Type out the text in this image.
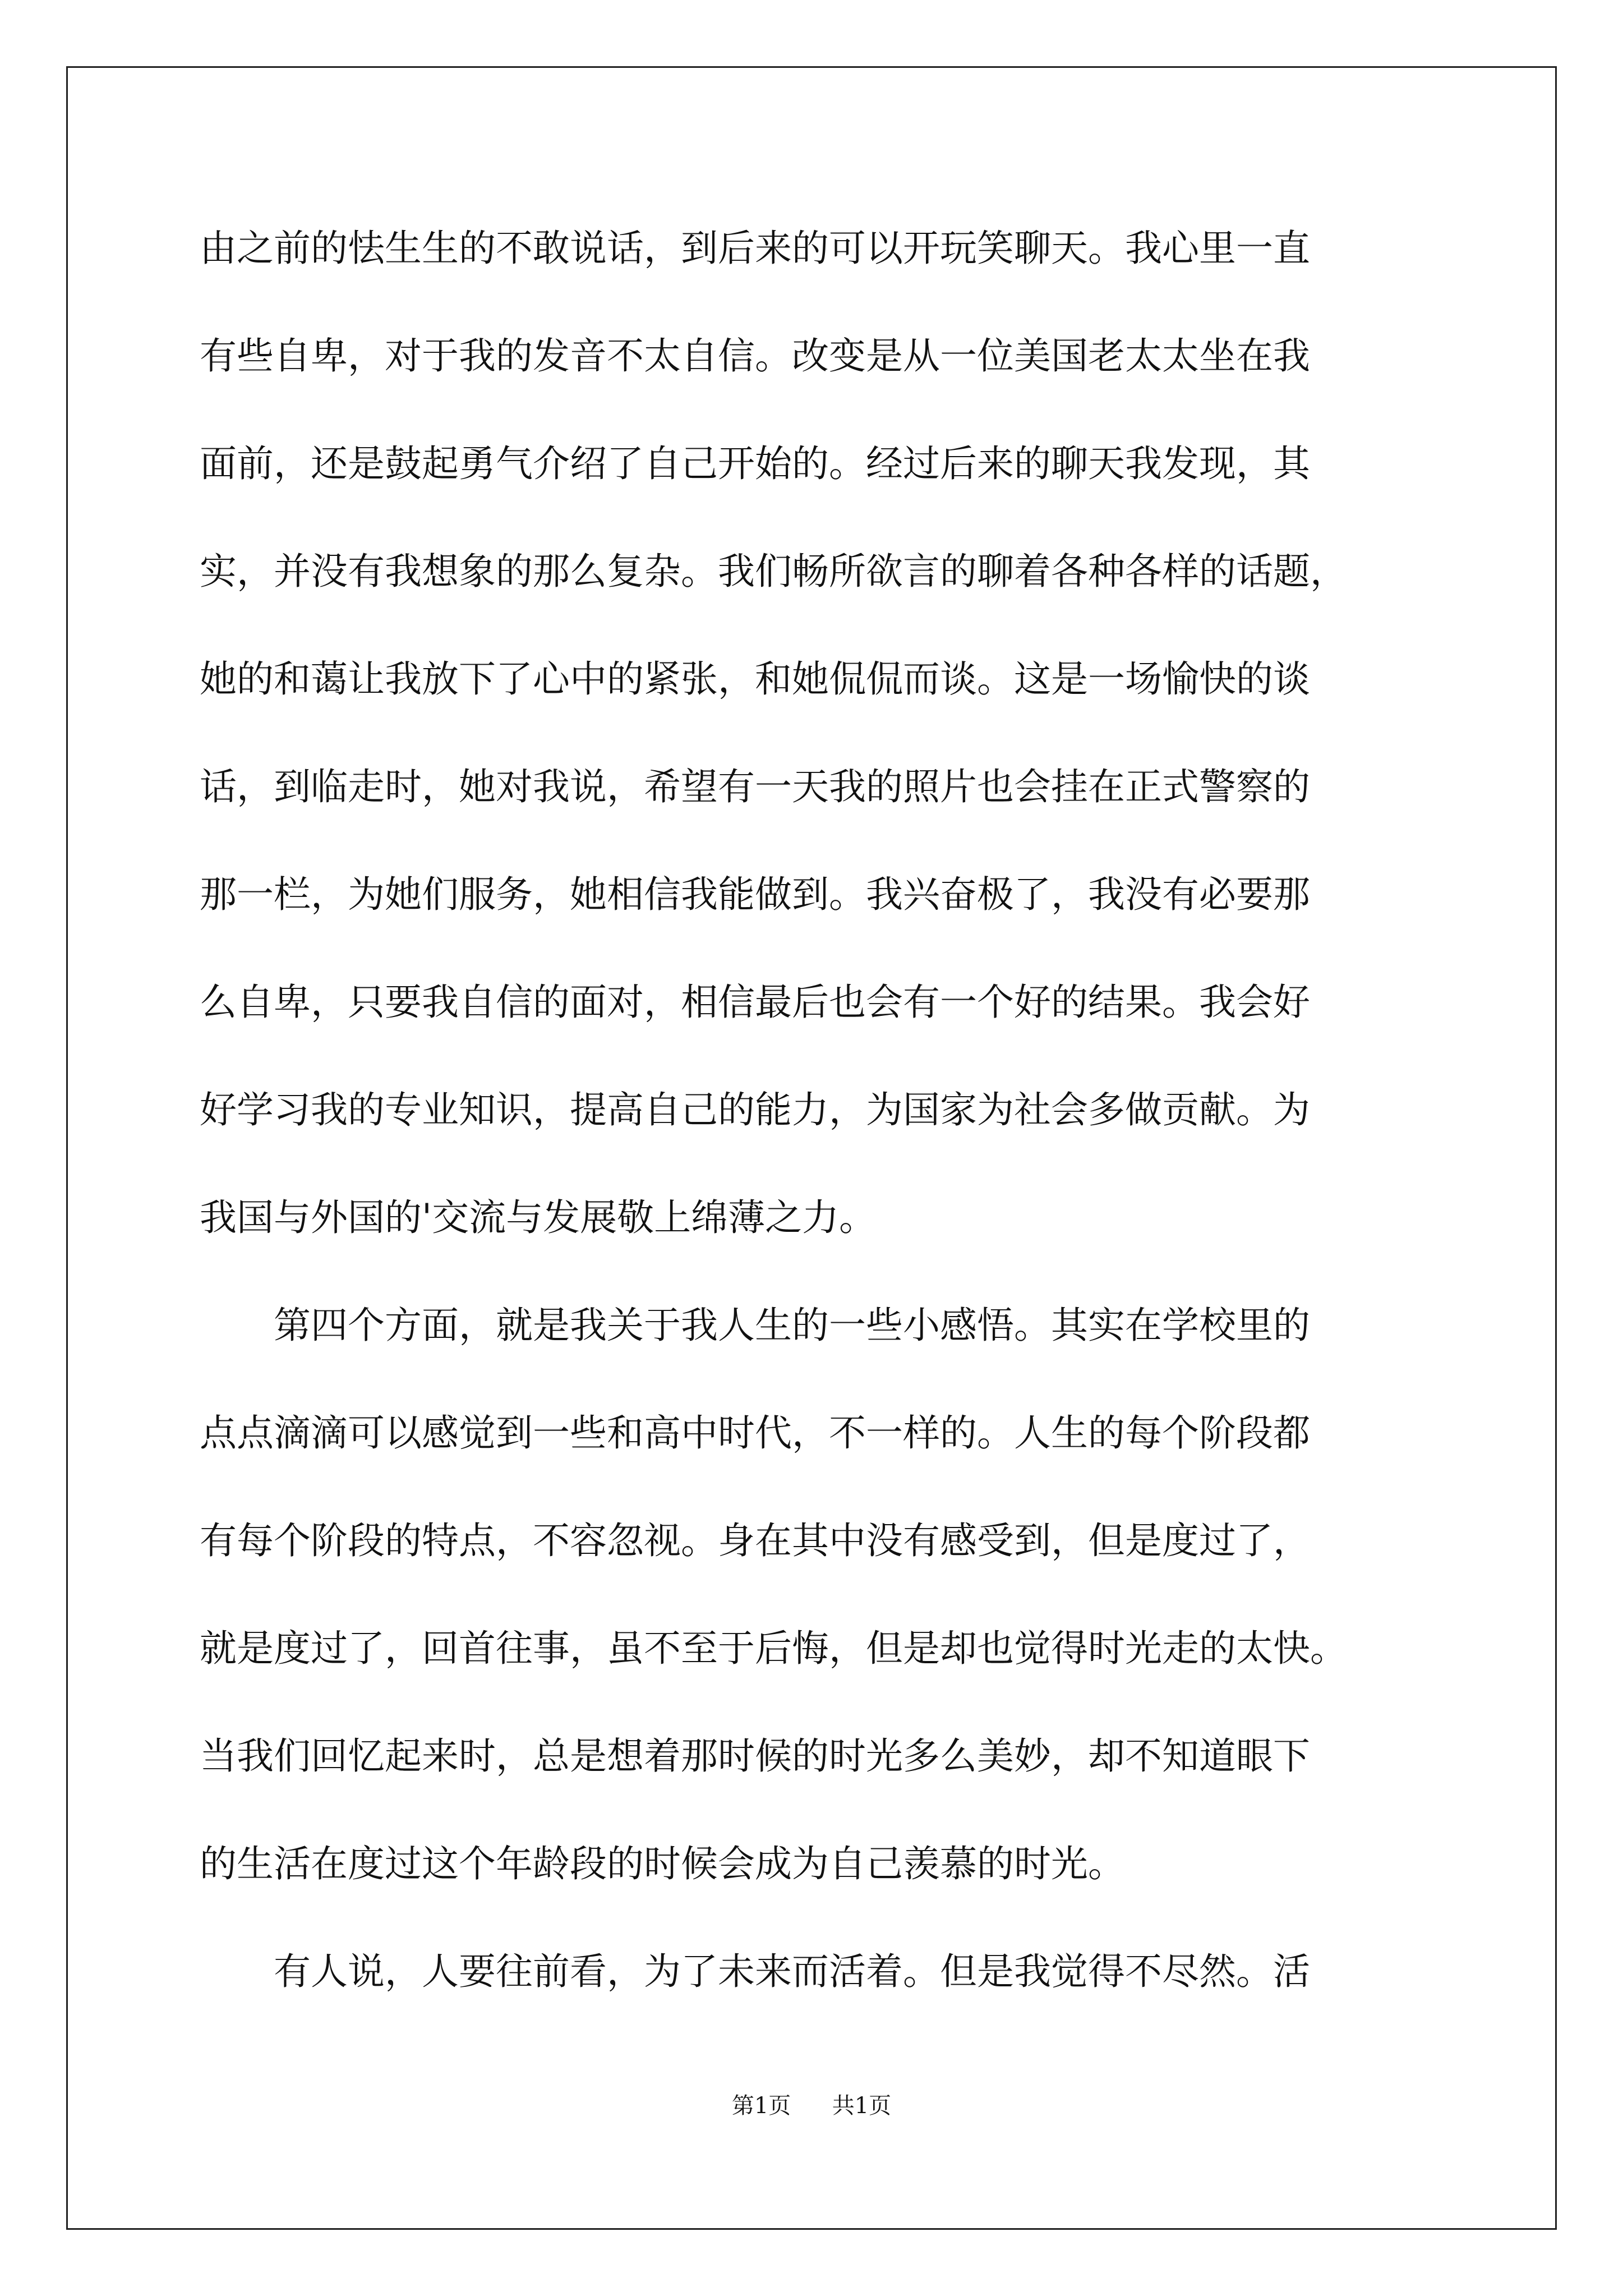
由之前的怯生生的不敢说话，到后来的可以开玩笑聊天。我心里一直
有些自卑，对于我的发音不太自信。改变是从一位美国老太太坐在我
面前，还是鼓起勇气介绍了自己开始的。经过后来的聊天我发现，其
实，并没有我想象的那么复杂。我们畅所欲言的聊着各种各样的话题，
她的和蔼让我放下了心中的紧张，和她侃侃而谈。这是一场愉快的谈
话，到临走时，她对我说，希望有一天我的照片也会挂在正式警察的
那一栏，为她们服务，她相信我能做到。我兴奋极了，我没有必要那
么自卑，只要我自信的面对，相信最后也会有一个好的结果。我会好
好学习我的专业知识，提高自己的能力，为国家为社会多做贡献。为
我国与外国的'交流与发展敬上绵薄之力。
　　第四个方面，就是我关于我人生的一些小感悟。其实在学校里的
点点滴滴可以感觉到一些和高中时代，不一样的。人生的每个阶段都
有每个阶段的特点，不容忽视。身在其中没有感受到，但是度过了，
就是度过了，回首往事，虽不至于后悔，但是却也觉得时光走的太快。
当我们回忆起来时，总是想着那时候的时光多么美妙，却不知道眼下
的生活在度过这个年龄段的时候会成为自己羡慕的时光。
　　有人说，人要往前看，为了未来而活着。但是我觉得不尽然。活
第1页 共1页
